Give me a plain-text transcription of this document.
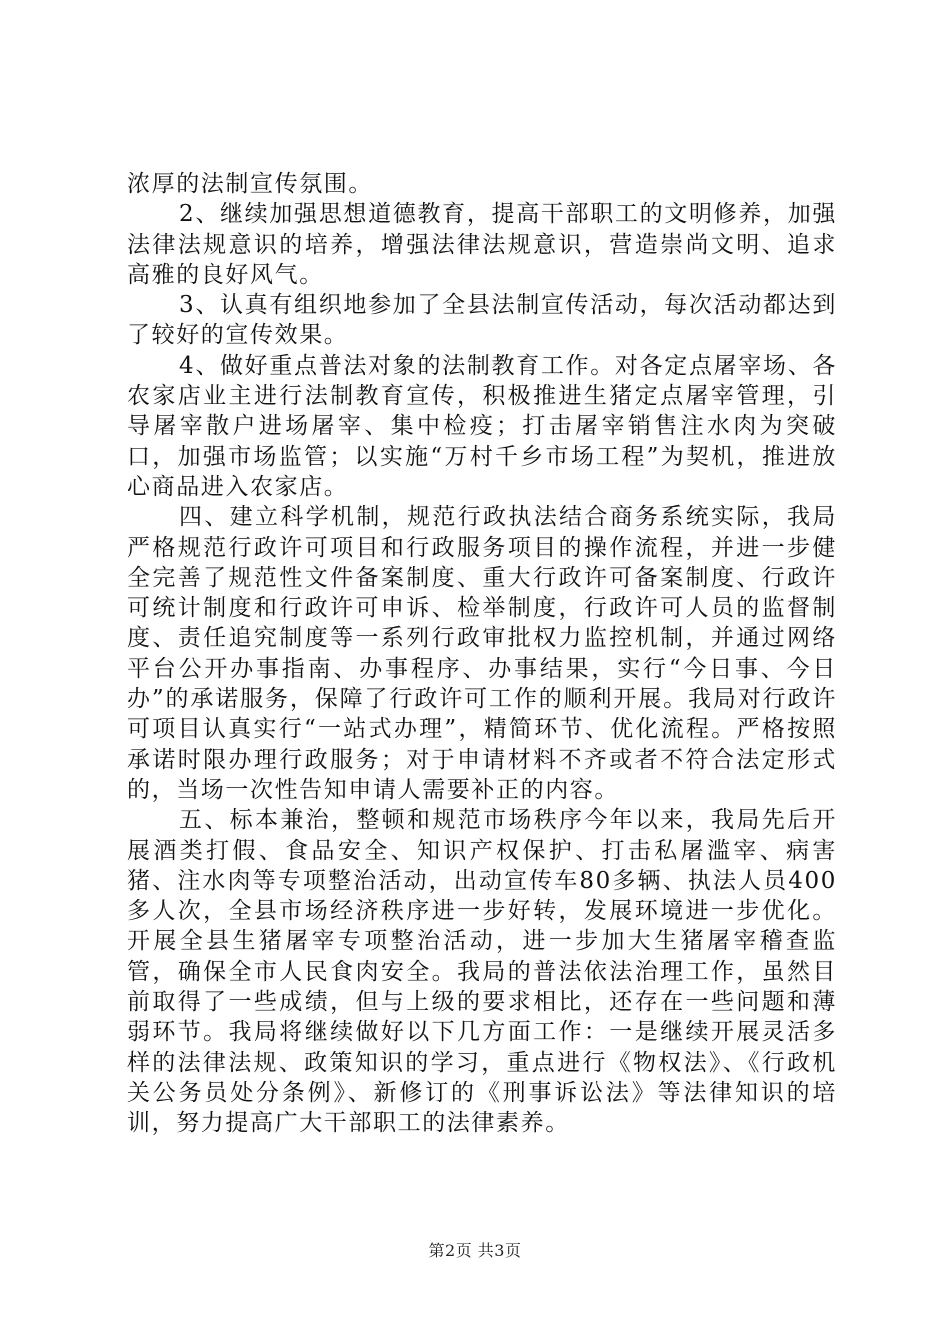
浓厚的法制宣传氛围。

2、继续加强思想道德教育，提高干部职工的文明修养，加强法律法规意识的培养，增强法律法规意识，营造崇尚文明、追求高雅的良好风气。

3、认真有组织地参加了全县法制宣传活动，每次活动都达到了较好的宣传效果。

4、做好重点普法对象的法制教育工作。对各定点屠宰场、各农家店业主进行法制教育宣传，积极推进生猪定点屠宰管理，引导屠宰散户进场屠宰、集中检疫；打击屠宰销售注水肉为突破口，加强市场监管；以实施“万村千乡市场工程”为契机，推进放心商品进入农家店。

四、建立科学机制，规范行政执法结合商务系统实际，我局严格规范行政许可项目和行政服务项目的操作流程，并进一步健全完善了规范性文件备案制度、重大行政许可备案制度、行政许可统计制度和行政许可申诉、检举制度，行政许可人员的监督制度、责任追究制度等一系列行政审批权力监控机制，并通过网络平台公开办事指南、办事程序、办事结果，实行“今日事、今日办”的承诺服务，保障了行政许可工作的顺利开展。我局对行政许可项目认真实行“一站式办理”，精简环节、优化流程。严格按照承诺时限办理行政服务；对于申请材料不齐或者不符合法定形式的，当场一次性告知申请人需要补正的内容。

五、标本兼治，整顿和规范市场秩序今年以来，我局先后开展酒类打假、食品安全、知识产权保护、打击私屠滥宰、病害猪、注水肉等专项整治活动，出动宣传车80多辆、执法人员400多人次，全县市场经济秩序进一步好转，发展环境进一步优化。开展全县生猪屠宰专项整治活动，进一步加大生猪屠宰稽查监管，确保全市人民食肉安全。我局的普法依法治理工作，虽然目前取得了一些成绩，但与上级的要求相比，还存在一些问题和薄弱环节。我局将继续做好以下几方面工作：一是继续开展灵活多样的法律法规、政策知识的学习，重点进行《物权法》、《行政机关公务员处分条例》、新修订的《刑事诉讼法》等法律知识的培训，努力提高广大干部职工的法律素养。

第2页 共3页
